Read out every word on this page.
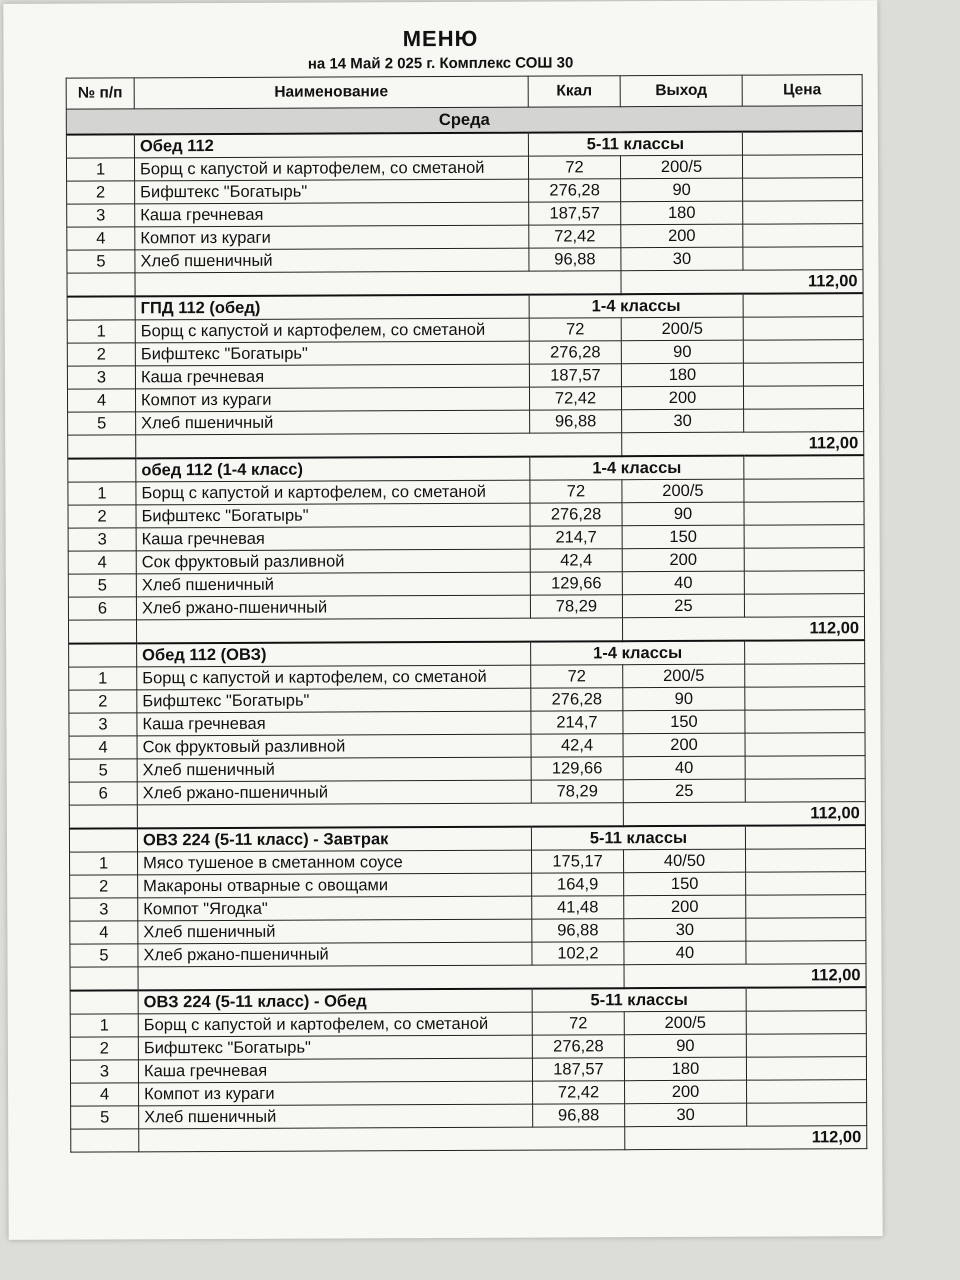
МЕНЮ
на 14 Май 2 025 г. Комплекс СОШ 30
№ п/п	Наименование	Ккал	Выход	Цена
Среда				
	Обед 112	5-11 классы		
1	Борщ с капустой и картофелем, со сметаной	72	200/5	
2	Бифштекс "Богатырь"	276,28	90	
3	Каша гречневая	187,57	180	
4	Компот из кураги	72,42	200	
5	Хлеб пшеничный	96,88	30	
			112,00	
	ГПД 112 (обед)	1-4 классы		
1	Борщ с капустой и картофелем, со сметаной	72	200/5	
2	Бифштекс "Богатырь"	276,28	90	
3	Каша гречневая	187,57	180	
4	Компот из кураги	72,42	200	
5	Хлеб пшеничный	96,88	30	
			112,00	
	обед 112 (1-4 класс)	1-4 классы		
1	Борщ с капустой и картофелем, со сметаной	72	200/5	
2	Бифштекс "Богатырь"	276,28	90	
3	Каша гречневая	214,7	150	
4	Сок фруктовый разливной	42,4	200	
5	Хлеб пшеничный	129,66	40	
6	Хлеб ржано-пшеничный	78,29	25	
			112,00	
	Обед 112 (ОВЗ)	1-4 классы		
1	Борщ с капустой и картофелем, со сметаной	72	200/5	
2	Бифштекс "Богатырь"	276,28	90	
3	Каша гречневая	214,7	150	
4	Сок фруктовый разливной	42,4	200	
5	Хлеб пшеничный	129,66	40	
6	Хлеб ржано-пшеничный	78,29	25	
			112,00	
	ОВЗ 224 (5-11 класс) - Завтрак	5-11 классы		
1	Мясо тушеное в сметанном соусе	175,17	40/50	
2	Макароны отварные с овощами	164,9	150	
3	Компот "Ягодка"	41,48	200	
4	Хлеб пшеничный	96,88	30	
5	Хлеб ржано-пшеничный	102,2	40	
			112,00	
	ОВЗ 224 (5-11 класс) - Обед	5-11 классы		
1	Борщ с капустой и картофелем, со сметаной	72	200/5	
2	Бифштекс "Богатырь"	276,28	90	
3	Каша гречневая	187,57	180	
4	Компот из кураги	72,42	200	
5	Хлеб пшеничный	96,88	30	
			112,00	
